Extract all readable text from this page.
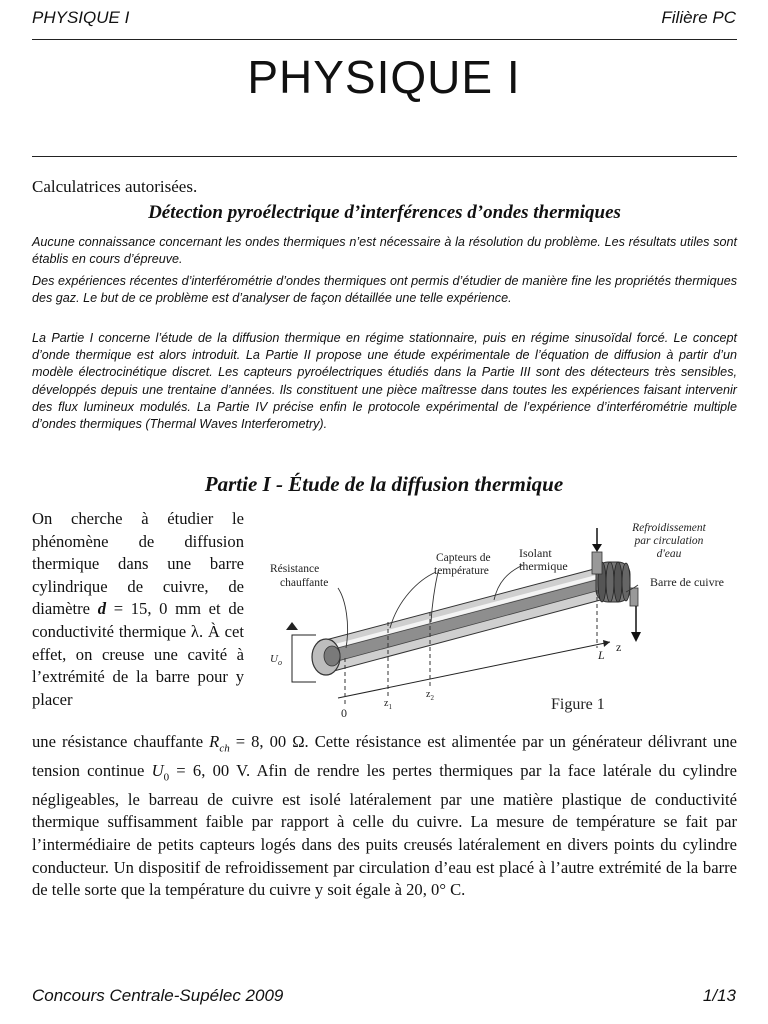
PHYSIQUE I	Filière PC
PHYSIQUE I
Calculatrices autorisées.
Détection pyroélectrique d’interférences d’ondes thermiques

Aucune connaissance concernant les ondes thermiques n’est nécessaire à la résolution du problème. Les résultats utiles sont établis en cours d’épreuve.

Des expériences récentes d’interférométrie d’ondes thermiques ont permis d’étudier de manière fine les propriétés thermiques des gaz. Le but de ce problème est d’analyser de façon détaillée une telle expérience.

La Partie I concerne l’étude de la diffusion thermique en régime stationnaire, puis en régime sinusoïdal forcé. Le concept d’onde thermique est alors introduit. La Partie II propose une étude expérimentale de l’équation de diffusion à partir d’un modèle électrocinétique discret. Les capteurs pyroélectriques étudiés dans la Partie III sont des détecteurs très sensibles, développés depuis une trentaine d’années. Ils constituent une pièce maîtresse dans toutes les expériences faisant intervenir des flux lumineux modulés. La Partie IV précise enfin le protocole expérimental de l’expérience d’interférométrie multiple d’ondes thermiques (Thermal Waves Interferometry).

Partie I - Étude de la diffusion thermique

On cherche à étudier le phénomène de diffusion thermique dans une barre cylindrique de cuivre, de diamètre d = 15, 0 mm et de conductivité thermique λ. À cet effet, on creuse une cavité à l’extrémité de la barre pour y placer

Refroidissement
par circulation
d'eau
Barre de cuivre
Isolant
thermique
Capteurs de
température
Résistance
chauffante
$U_o$
0
$z_1$
$z_2$
L
z
Figure 1

une résistance chauffante $R_{ch} = 8$, 00 Ω. Cette résistance est alimentée par un générateur délivrant une tension continue $U_0 = 6$, 00 V. Afin de rendre les pertes thermiques par la face latérale du cylindre négligeables, le barreau de cuivre est isolé latéralement par une matière plastique de conductivité thermique suffisamment faible par rapport à celle du cuivre. La mesure de température se fait par l’intermédiaire de petits capteurs logés dans des puits creusés latéralement en divers points du cylindre conducteur. Un dispositif de refroidissement par circulation d’eau est placé à l’autre extrémité de la barre de telle sorte que la température du cuivre y soit égale à 20, 0° C.

Concours Centrale-Supélec 2009	1/13
